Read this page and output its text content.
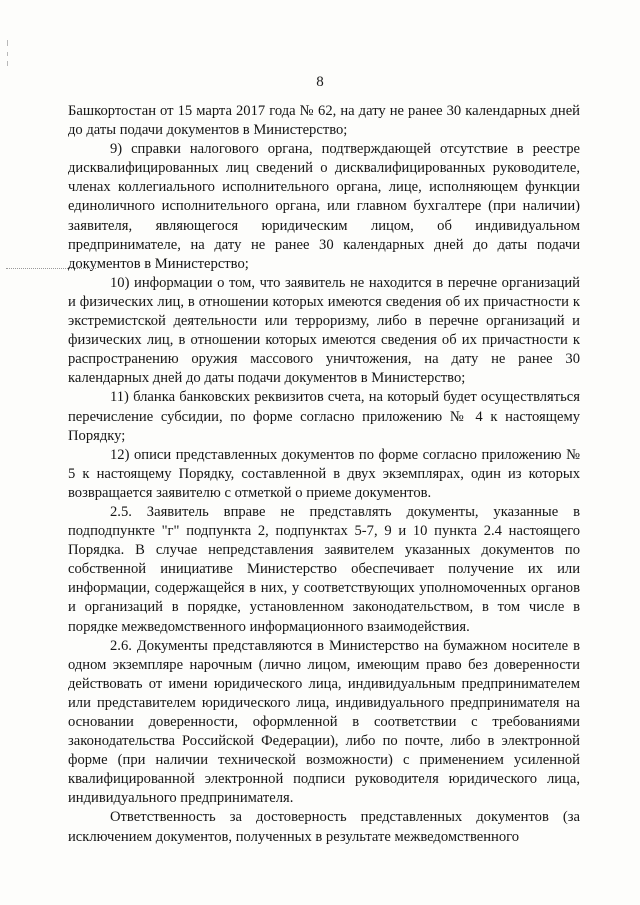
8

Башкортостан от 15 марта 2017 года № 62, на дату не ранее 30 календарных дней до даты подачи документов в Министерство;

9) справки налогового органа, подтверждающей отсутствие в реестре дисквалифицированных лиц сведений о дисквалифицированных руководителе, членах коллегиального исполнительного органа, лице, исполняющем функции единоличного исполнительного органа, или главном бухгалтере (при наличии) заявителя, являющегося юридическим лицом, об индивидуальном предпринимателе, на дату не ранее 30 календарных дней до даты подачи документов в Министерство;

10) информации о том, что заявитель не находится в перечне организаций и физических лиц, в отношении которых имеются сведения об их причастности к экстремистской деятельности или терроризму, либо в перечне организаций и физических лиц, в отношении которых имеются сведения об их причастности к распространению оружия массового уничтожения, на дату не ранее 30 календарных дней до даты подачи документов в Министерство;

11) бланка банковских реквизитов счета, на который будет осуществляться перечисление субсидии, по форме согласно приложению № 4 к настоящему Порядку;

12) описи представленных документов по форме согласно приложению № 5 к настоящему Порядку, составленной в двух экземплярах, один из которых возвращается заявителю с отметкой о приеме документов.

2.5. Заявитель вправе не представлять документы, указанные в подподпункте "г" подпункта 2, подпунктах 5-7, 9 и 10 пункта 2.4 настоящего Порядка. В случае непредставления заявителем указанных документов по собственной инициативе Министерство обеспечивает получение их или информации, содержащейся в них, у соответствующих уполномоченных органов и организаций в порядке, установленном законодательством, в том числе в порядке межведомственного информационного взаимодействия.

2.6. Документы представляются в Министерство на бумажном носителе в одном экземпляре нарочным (лично лицом, имеющим право без доверенности действовать от имени юридического лица, индивидуальным предпринимателем или представителем юридического лица, индивидуального предпринимателя на основании доверенности, оформленной в соответствии с требованиями законодательства Российской Федерации), либо по почте, либо в электронной форме (при наличии технической возможности) с применением усиленной квалифицированной электронной подписи руководителя юридического лица, индивидуального предпринимателя.

Ответственность за достоверность представленных документов (за исключением документов, полученных в результате межведомственного
